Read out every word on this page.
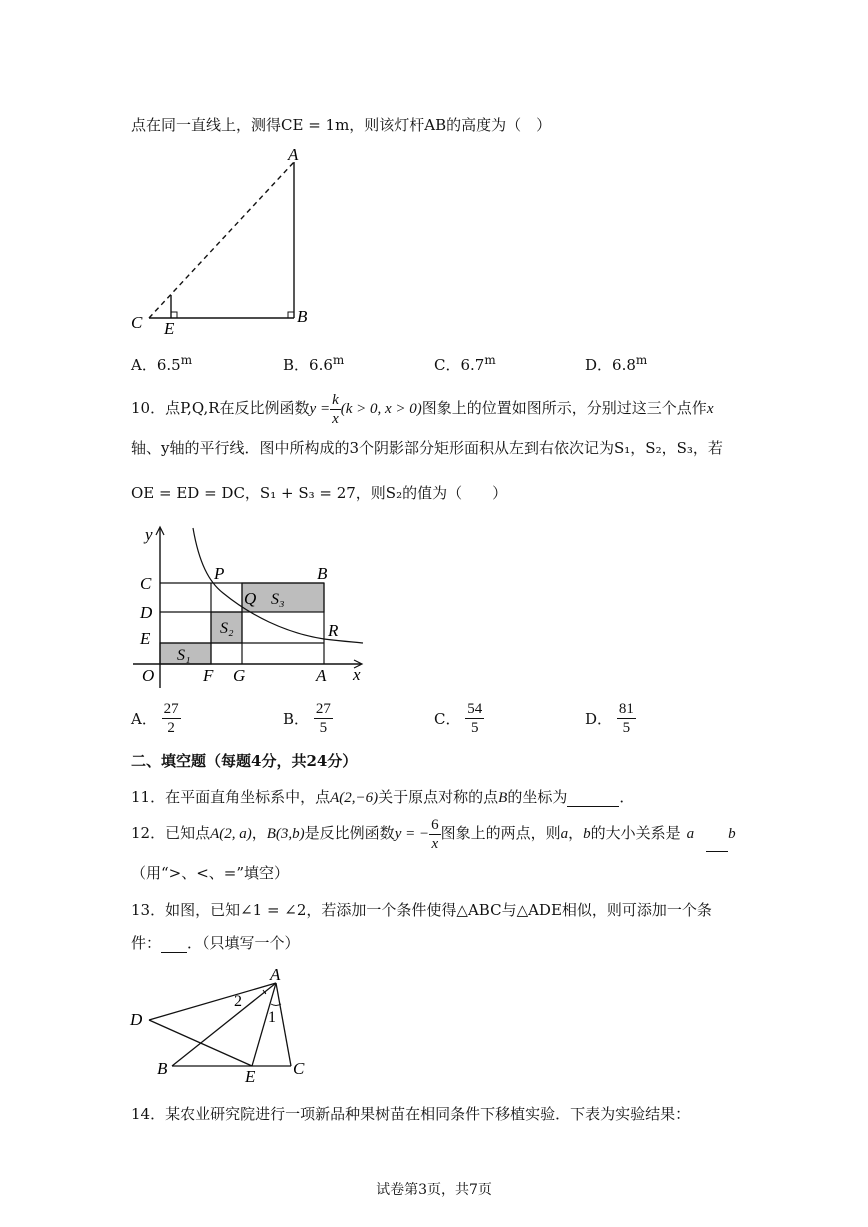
点在同一直线上，测得CE = 1m，则该灯杆AB的高度为（　）
A
B
C E
A．6.5$^m$	B．6.6$^m$	C．6.7$^m$	D．6.8$^m$
10．点P,Q,R在反比例函数$y = \frac{k}{x} (k > 0$, x > 0)图象上的位置如图所示，分别过这三个点作x
轴、y轴的平行线．图中所构成的3个阴影部分矩形面积从左到右依次记为S₁，S₂，S₃，若
OE = ED = DC，S₁ + S₃ = 27，则S₂的值为（　　）
y
x
O	F G	A
C
D
E
P
Q
R
B
S₁
S₂
S₃
A． $\frac{27}{2}$	B． $\frac{27}{5}$	C． $\frac{54}{5}$	D． $\frac{81}{5}$
二、填空题（每题4分，共24分）
11．在平面直角坐标系中，点A(2,−6)关于原点对称的点B的坐标为	．
12．已知点A(2, a)，B(3,b)是反比例函数y = − $\frac{6}{x}$ 图象上的两点，则a，b的大小关系是 a b
（用“>、<、=”填空）
13．如图，已知∠1 = ∠2，若添加一个条件使得△ABC与△ADE相似，则可添加一个条
件： ．（只填写一个）
A
D
B	E C
2
1
14．某农业研究院进行一项新品种果树苗在相同条件下移植实验．下表为实验结果：
试卷第3页，共7页
